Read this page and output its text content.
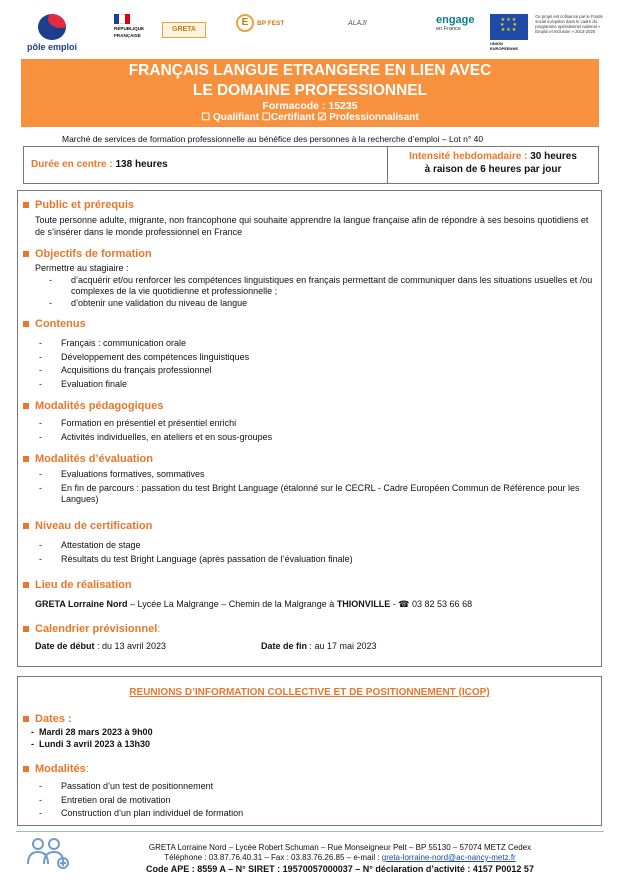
pôle emploi
RÉPUBLIQUE
FRANÇAISE
GRETA
E	BP FEST	ALAJI	engage
en France
★★★
★   ★
★★★
UNION EUROPÉENNE
Ce projet est cofinancé par le Fonds social européen dans le cadre du programme opérationnel national « Emploi et Inclusion » 2014-2020
FRANÇAIS LANGUE ETRANGERE EN LIEN AVEC
LE DOMAINE PROFESSIONNEL
Formacode : 15235
☐ Qualifiant ☐Certifiant ☑ Professionnalisant
Marché de services de formation professionnelle au bénéfice des personnes à la recherche d’emploi – Lot n° 40
Durée en centre : 138 heures
Intensité hebdomadaire : 30 heures
à raison de 6 heures par jour
Public et prérequis
Toute personne adulte, migrante, non francophone qui souhaite apprendre la langue française afin de répondre à ses besoins quotidiens et de s’insérer dans le monde professionnel en France
Objectifs de formation
Permettre au stagiaire :
- d’acquérir et/ou renforcer les compétences linguistiques en français permettant de communiquer dans les situations usuelles et /ou complexes de la vie quotidienne et professionnelle ;
- d’obtenir une validation du niveau de langue
Contenus
- Français : communication orale
- Développement des compétences linguistiques
- Acquisitions du français professionnel
- Evaluation finale
Modalités pédagogiques
- Formation en présentiel et présentiel enrichi
- Activités individuelles, en ateliers et en sous-groupes
Modalités d’évaluation
- Evaluations formatives, sommatives
- En fin de parcours : passation du test Bright Language (étalonné sur le CECRL - Cadre Européen Commun de Référence pour les Langues)
Niveau de certification
- Attestation de stage
- Résultats du test Bright Language (après passation de l’évaluation finale)
Lieu de réalisation
GRETA Lorraine Nord – Lycée La Malgrange – Chemin de la Malgrange à THIONVILLE - ☎ 03 82 53 66 68
Calendrier prévisionnel :
Date de début : du 13 avril 2023	Date de fin : au 17 mai 2023
REUNIONS D’INFORMATION COLLECTIVE ET DE POSITIONNEMENT (ICOP)
Dates :
- Mardi 28 mars 2023 à 9h00
- Lundi 3 avril 2023 à 13h30
Modalités :
- Passation d’un test de positionnement
- Entretien oral de motivation
- Construction d’un plan individuel de formation
GRETA Lorraine Nord – Lycée Robert Schuman – Rue Monseigneur Pelt – BP 55130 – 57074 METZ Cedex
Téléphone : 03.87.76.40.31 – Fax : 03.83.76.26.85 – e-mail : greta-lorraine-nord@ac-nancy-metz.fr
Code APE : 8559 A – N° SIRET : 19570057000037 – N° déclaration d’activité : 4157 P0012 57
